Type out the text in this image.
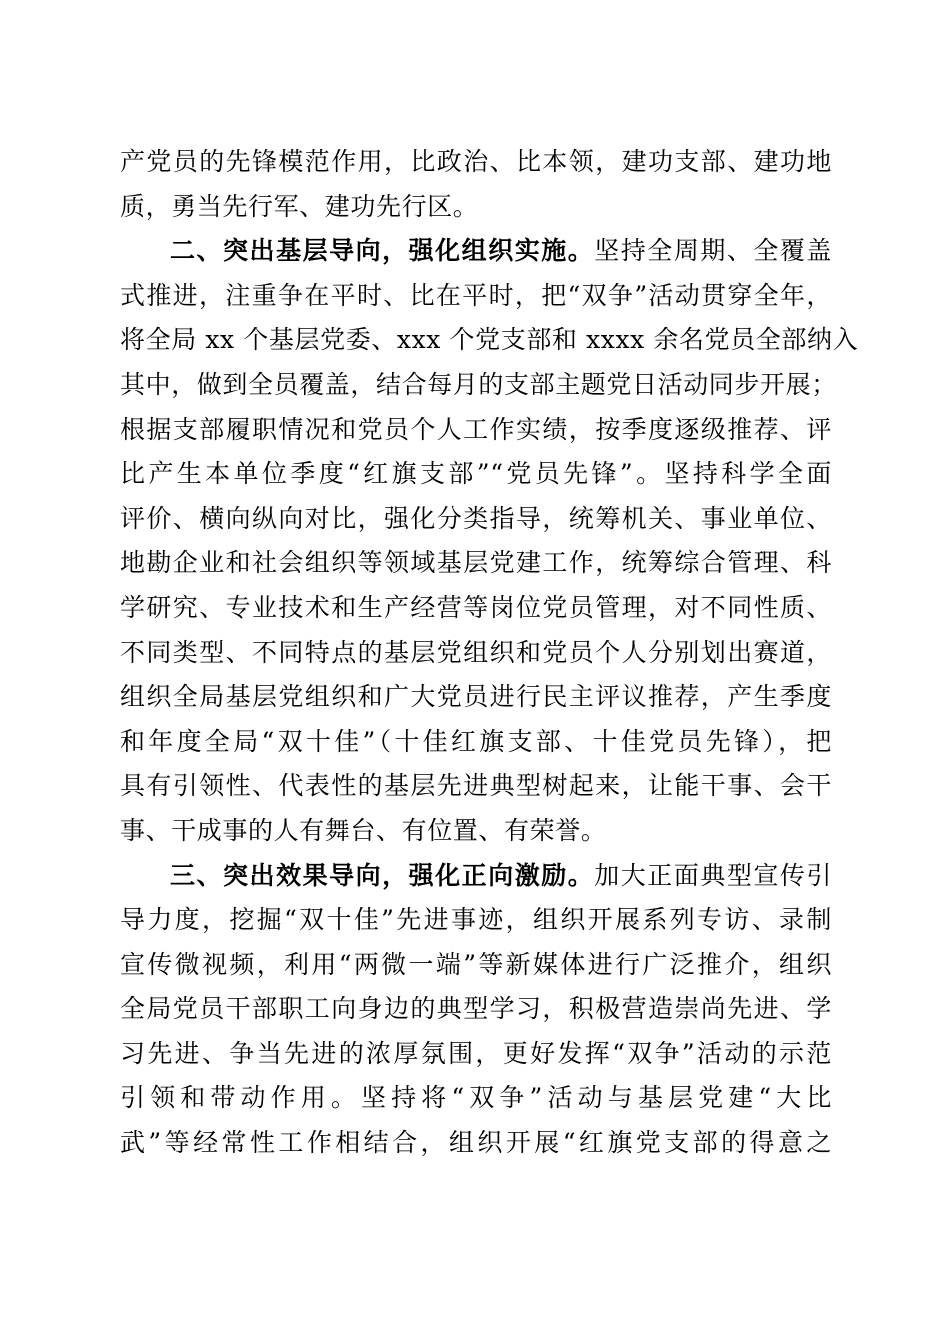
产党员的先锋模范作用，比政治、比本领，建功支部、建功地
质，勇当先行军、建功先行区。
二、突出基层导向，强化组织实施。坚持全周期、全覆盖
式推进，注重争在平时、比在平时，把“双争”活动贯穿全年，
将全局 xx 个基层党委、xxx 个党支部和 xxxx 余名党员全部纳入
其中，做到全员覆盖，结合每月的支部主题党日活动同步开展；
根据支部履职情况和党员个人工作实绩，按季度逐级推荐、评
比产生本单位季度“红旗支部”“党员先锋”。坚持科学全面
评价、横向纵向对比，强化分类指导，统筹机关、事业单位、
地勘企业和社会组织等领域基层党建工作，统筹综合管理、科
学研究、专业技术和生产经营等岗位党员管理，对不同性质、
不同类型、不同特点的基层党组织和党员个人分别划出赛道，
组织全局基层党组织和广大党员进行民主评议推荐，产生季度
和年度全局“双十佳”（十佳红旗支部、十佳党员先锋），把
具有引领性、代表性的基层先进典型树起来，让能干事、会干
事、干成事的人有舞台、有位置、有荣誉。
三、突出效果导向，强化正向激励。加大正面典型宣传引
导力度，挖掘“双十佳”先进事迹，组织开展系列专访、录制
宣传微视频，利用“两微一端”等新媒体进行广泛推介，组织
全局党员干部职工向身边的典型学习，积极营造崇尚先进、学
习先进、争当先进的浓厚氛围，更好发挥“双争”活动的示范
引领和带动作用。坚持将“双争”活动与基层党建“大比
武”等经常性工作相结合，组织开展“红旗党支部的得意之
